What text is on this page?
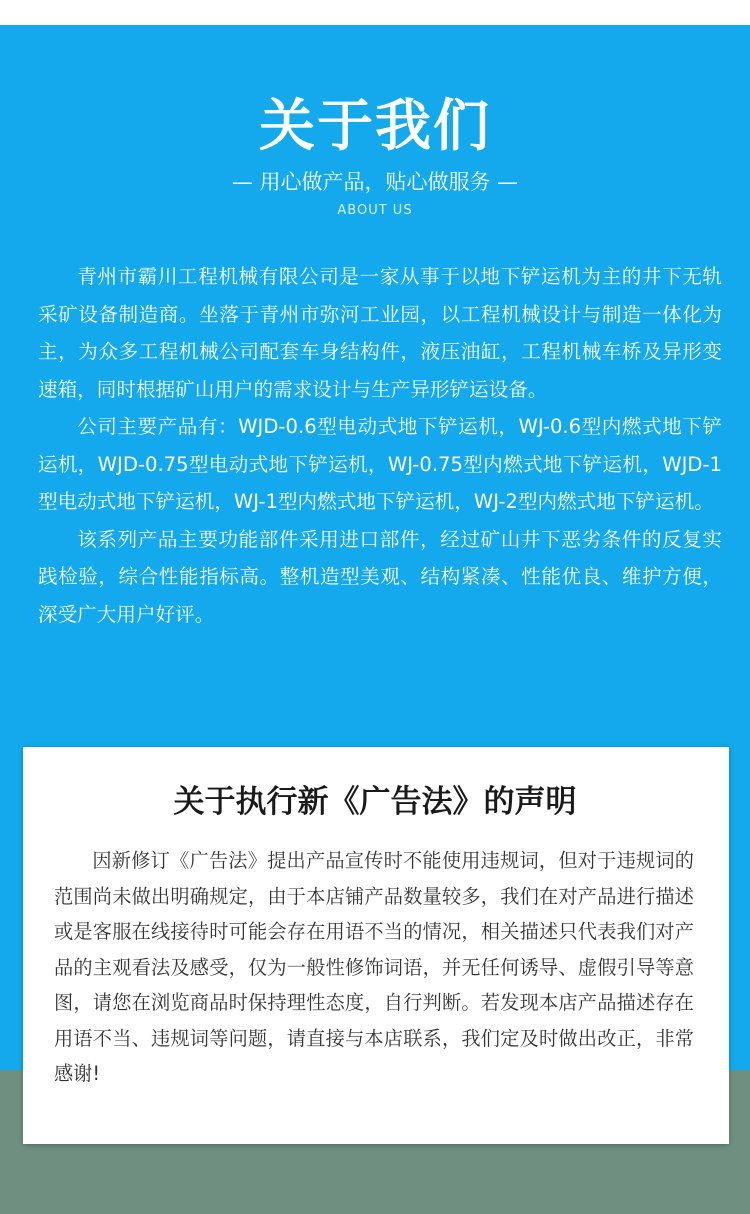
关于我们
— 用心做产品，贴心做服务 —
ABOUT US

青州市霸川工程机械有限公司是一家从事于以地下铲运机为主的井下无轨采矿设备制造商。坐落于青州市弥河工业园，以工程机械设计与制造一体化为主，为众多工程机械公司配套车身结构件，液压油缸，工程机械车桥及异形变速箱，同时根据矿山用户的需求设计与生产异形铲运设备。

公司主要产品有：WJD-0.6型电动式地下铲运机，WJ-0.6型内燃式地下铲运机，WJD-0.75型电动式地下铲运机，WJ-0.75型内燃式地下铲运机，WJD-1型电动式地下铲运机，WJ-1型内燃式地下铲运机，WJ-2型内燃式地下铲运机。

该系列产品主要功能部件采用进口部件，经过矿山井下恶劣条件的反复实践检验，综合性能指标高。整机造型美观、结构紧凑、性能优良、维护方便，深受广大用户好评。

关于执行新《广告法》的声明

因新修订《广告法》提出产品宣传时不能使用违规词，但对于违规词的范围尚未做出明确规定，由于本店铺产品数量较多，我们在对产品进行描述或是客服在线接待时可能会存在用语不当的情况，相关描述只代表我们对产品的主观看法及感受，仅为一般性修饰词语，并无任何诱导、虚假引导等意图，请您在浏览商品时保持理性态度，自行判断。若发现本店产品描述存在用语不当、违规词等问题，请直接与本店联系，我们定及时做出改正，非常感谢!
